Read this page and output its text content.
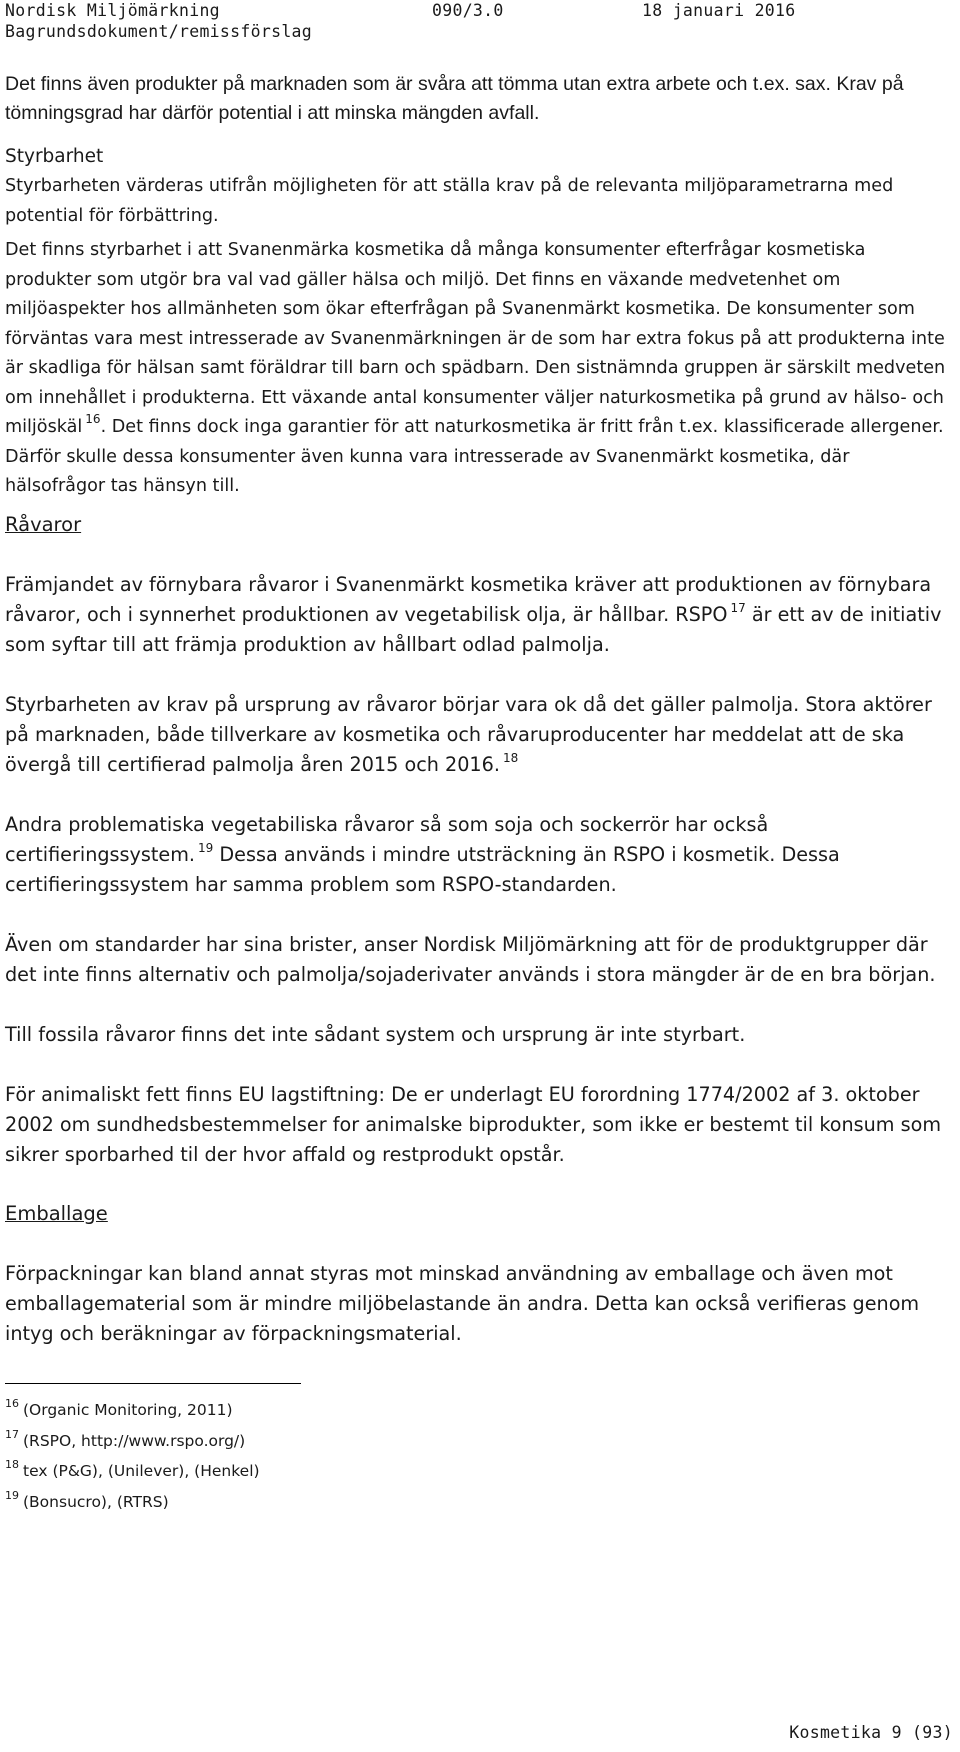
Nordisk Miljömärkning	090/3.0	18 januari 2016
Bagrundsdokument/remissförslag

Det finns även produkter på marknaden som är svåra att tömma utan extra arbete och t.ex. sax. Krav på tömningsgrad har därför potential i att minska mängden avfall.

Styrbarhet

Styrbarheten värderas utifrån möjligheten för att ställa krav på de relevanta miljöparametrarna med potential för förbättring.

Det finns styrbarhet i att Svanenmärka kosmetika då många konsumenter efterfrågar kosmetiska produkter som utgör bra val vad gäller hälsa och miljö. Det finns en växande medvetenhet om miljöaspekter hos allmänheten som ökar efterfrågan på Svanenmärkt kosmetika. De konsumenter som förväntas vara mest intresserade av Svanenmärkningen är de som har extra fokus på att produkterna inte är skadliga för hälsan samt föräldrar till barn och spädbarn. Den sistnämnda gruppen är särskilt medveten om innehållet i produkterna. Ett växande antal konsumenter väljer naturkosmetika på grund av hälso- och miljöskäl $^{16}$. Det finns dock inga garantier för att naturkosmetika är fritt från t.ex. klassificerade allergener. Därför skulle dessa konsumenter även kunna vara intresserade av Svanenmärkt kosmetika, där hälsofrågor tas hänsyn till.

Råvaror

Främjandet av förnybara råvaror i Svanenmärkt kosmetika kräver att produktionen av förnybara råvaror, och i synnerhet produktionen av vegetabilisk olja, är hållbar. RSPO $^{17}$ är ett av de initiativ som syftar till att främja produktion av hållbart odlad palmolja.

Styrbarheten av krav på ursprung av råvaror börjar vara ok då det gäller palmolja. Stora aktörer på marknaden, både tillverkare av kosmetika och råvaruproducenter har meddelat att de ska övergå till certifierad palmolja åren 2015 och 2016. $^{18}$

Andra problematiska vegetabiliska råvaror så som soja och sockerrör har också certifieringssystem. $^{19}$ Dessa används i mindre utsträckning än RSPO i kosmetik. Dessa certifieringssystem har samma problem som RSPO-standarden.

Även om standarder har sina brister, anser Nordisk Miljömärkning att för de produktgrupper där det inte finns alternativ och palmolja/sojaderivater används i stora mängder är de en bra början.

Till fossila råvaror finns det inte sådant system och ursprung är inte styrbart.

För animaliskt fett finns EU lagstiftning: De er underlagt EU forordning 1774/2002 af 3. oktober 2002 om sundhedsbestemmelser for animalske biprodukter, som ikke er bestemt til konsum som sikrer sporbarhed til der hvor affald og restprodukt opstår.

Emballage

Förpackningar kan bland annat styras mot minskad användning av emballage och även mot emballagematerial som är mindre miljöbelastande än andra. Detta kan också verifieras genom intyg och beräkningar av förpackningsmaterial.

$^{16}$ (Organic Monitoring, 2011)
$^{17}$ (RSPO, http://www.rspo.org/)
$^{18}$ tex (P&G), (Unilever), (Henkel)
$^{19}$ (Bonsucro), (RTRS)
Kosmetika 9 (93)
